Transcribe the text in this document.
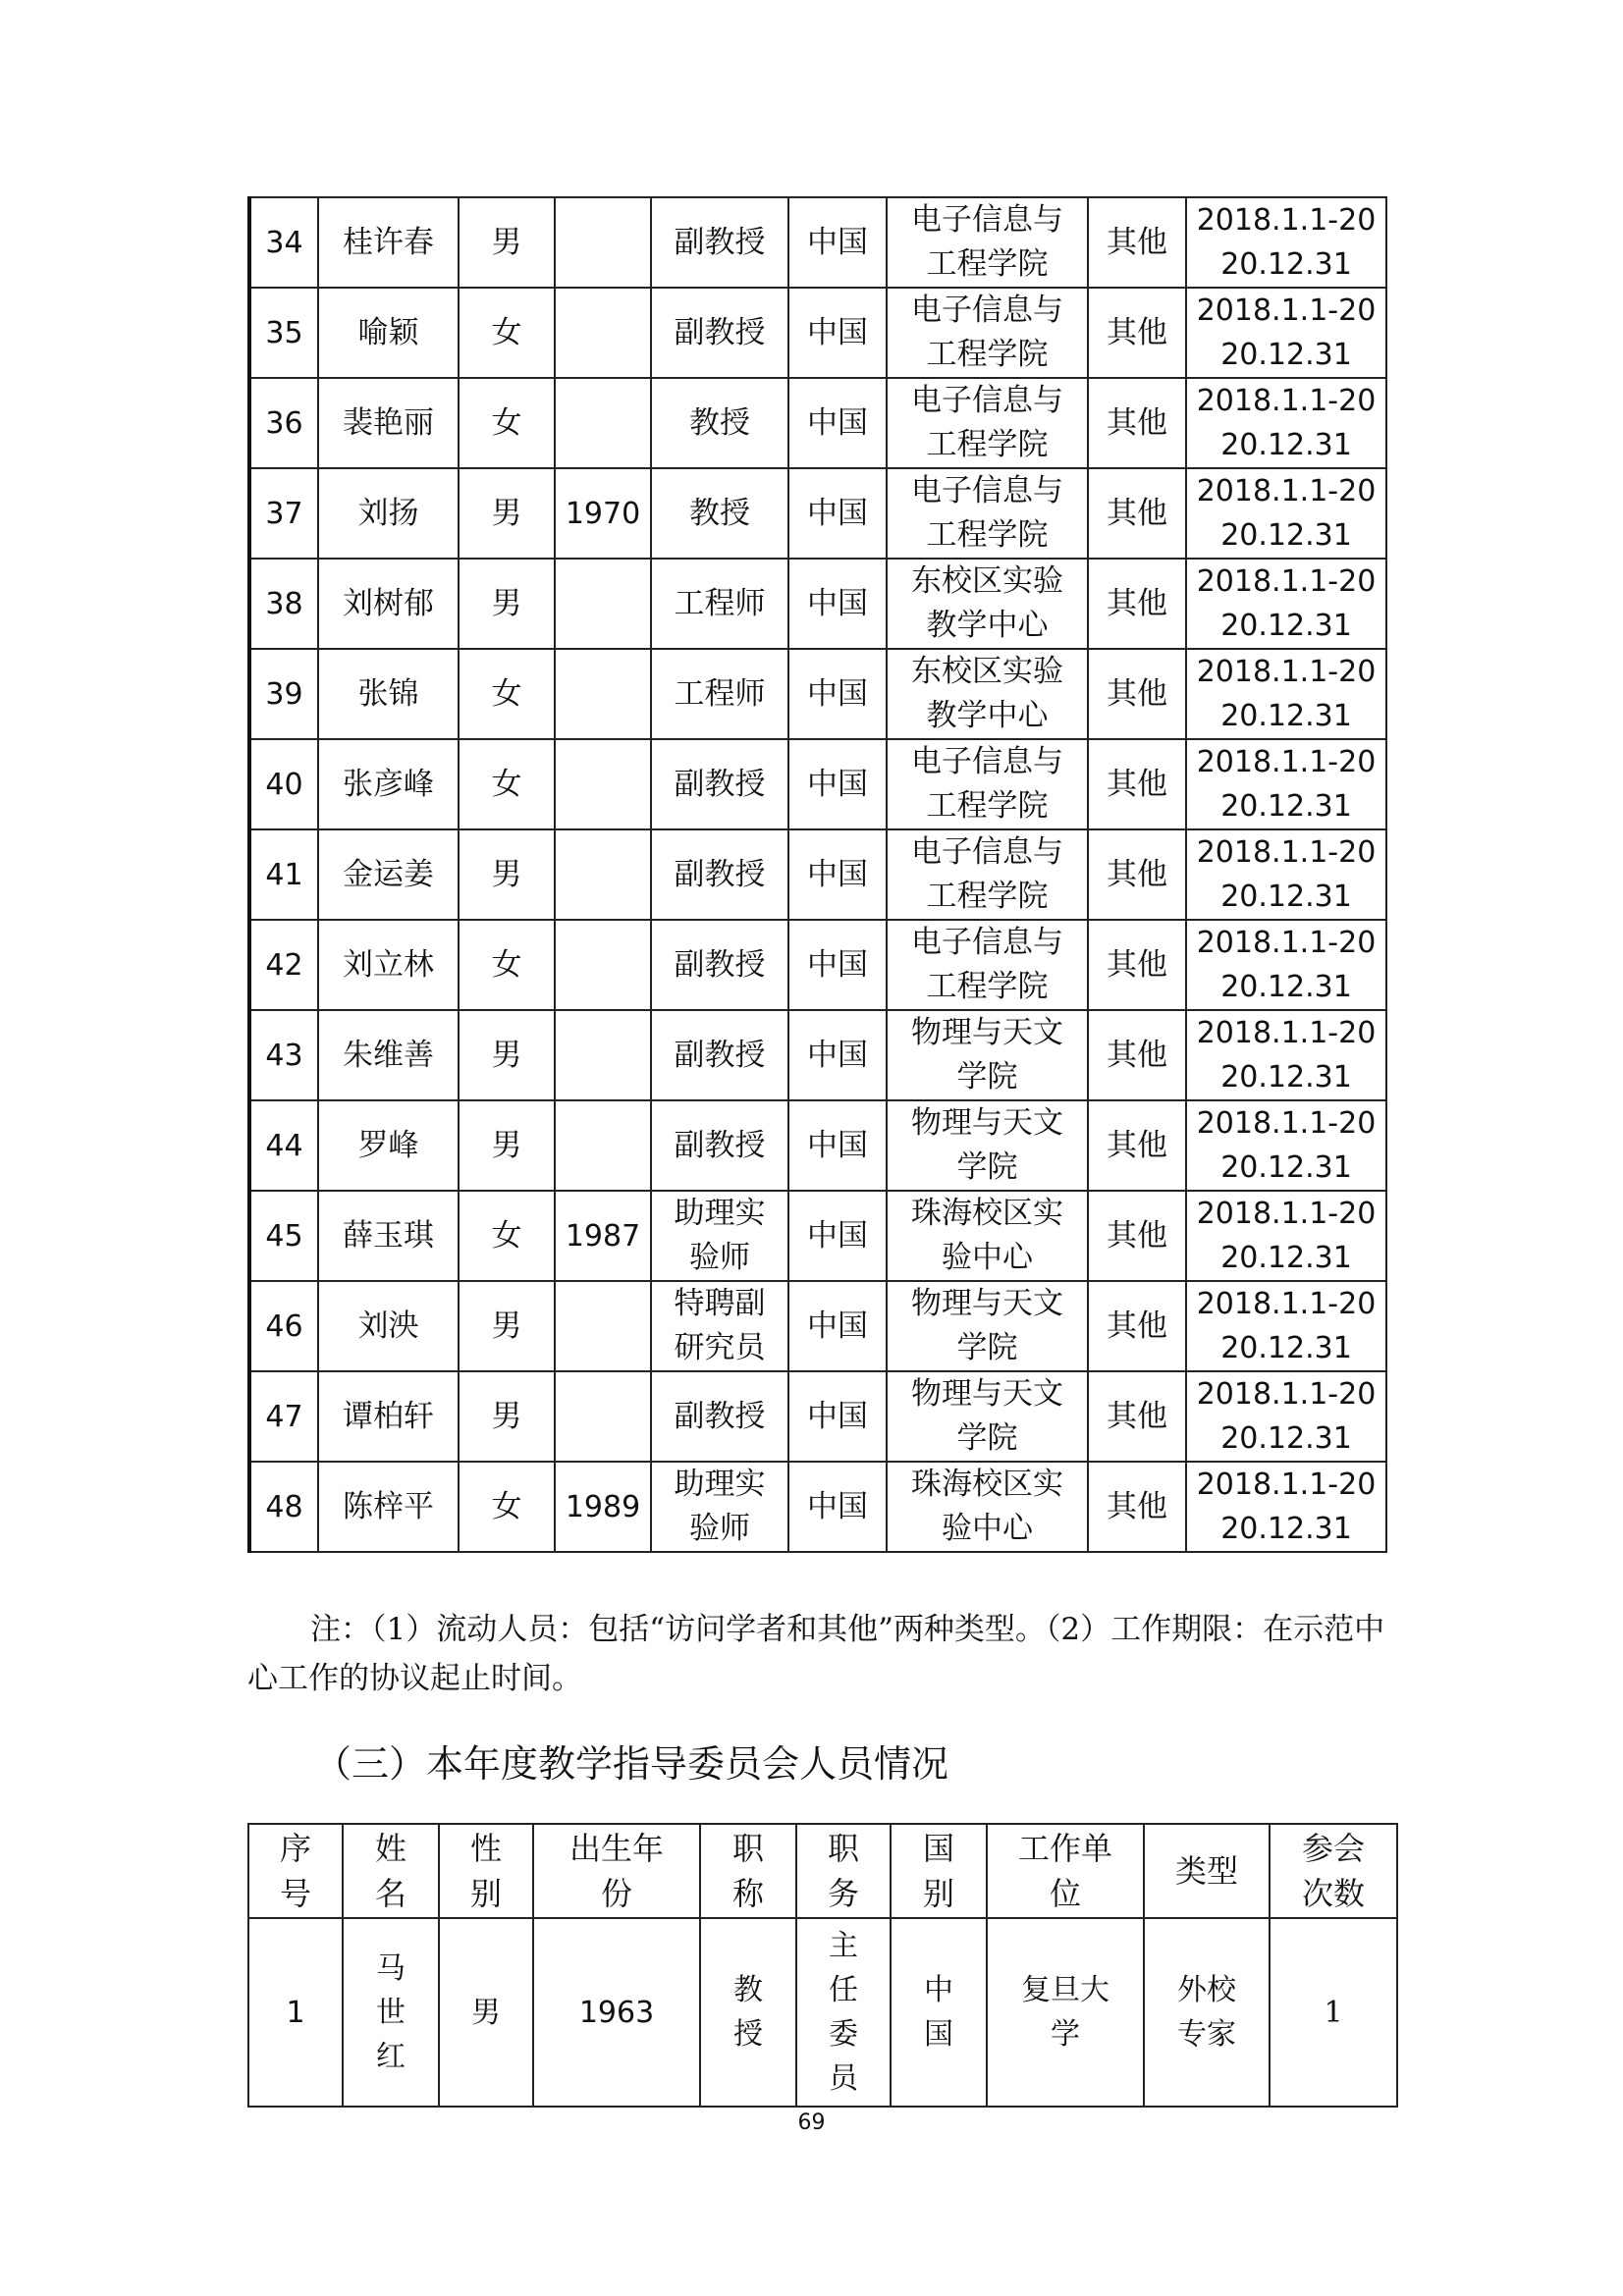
34	桂许春	男		副教授	中国	电子信息与工程学院	其他	2018.1.1-2020.12.31
35	喻颖	女		副教授	中国	电子信息与工程学院	其他	2018.1.1-2020.12.31
36	裴艳丽	女		教授	中国	电子信息与工程学院	其他	2018.1.1-2020.12.31
37	刘扬	男	1970	教授	中国	电子信息与工程学院	其他	2018.1.1-2020.12.31
38	刘树郁	男		工程师	中国	东校区实验教学中心	其他	2018.1.1-2020.12.31
39	张锦	女		工程师	中国	东校区实验教学中心	其他	2018.1.1-2020.12.31
40	张彦峰	女		副教授	中国	电子信息与工程学院	其他	2018.1.1-2020.12.31
41	金运姜	男		副教授	中国	电子信息与工程学院	其他	2018.1.1-2020.12.31
42	刘立林	女		副教授	中国	电子信息与工程学院	其他	2018.1.1-2020.12.31
43	朱维善	男		副教授	中国	物理与天文学院	其他	2018.1.1-2020.12.31
44	罗峰	男		副教授	中国	物理与天文学院	其他	2018.1.1-2020.12.31
45	薛玉琪	女	1987	助理实验师	中国	珠海校区实验中心	其他	2018.1.1-2020.12.31
46	刘泱	男		特聘副研究员	中国	物理与天文学院	其他	2018.1.1-2020.12.31
47	谭柏轩	男		副教授	中国	物理与天文学院	其他	2018.1.1-2020.12.31
48	陈梓平	女	1989	助理实验师	中国	珠海校区实验中心	其他	2018.1.1-2020.12.31
注：（1）流动人员：包括“访问学者和其他”两种类型。（2）工作期限：在示范中心工作的协议起止时间。
（三）本年度教学指导委员会人员情况
序号	姓名	性别	出生年份	职称	职务	国别	工作单位	类型	参会次数
1	马世红	男	1963	教授	主任委员	中国	复旦大学	外校专家	1
69
